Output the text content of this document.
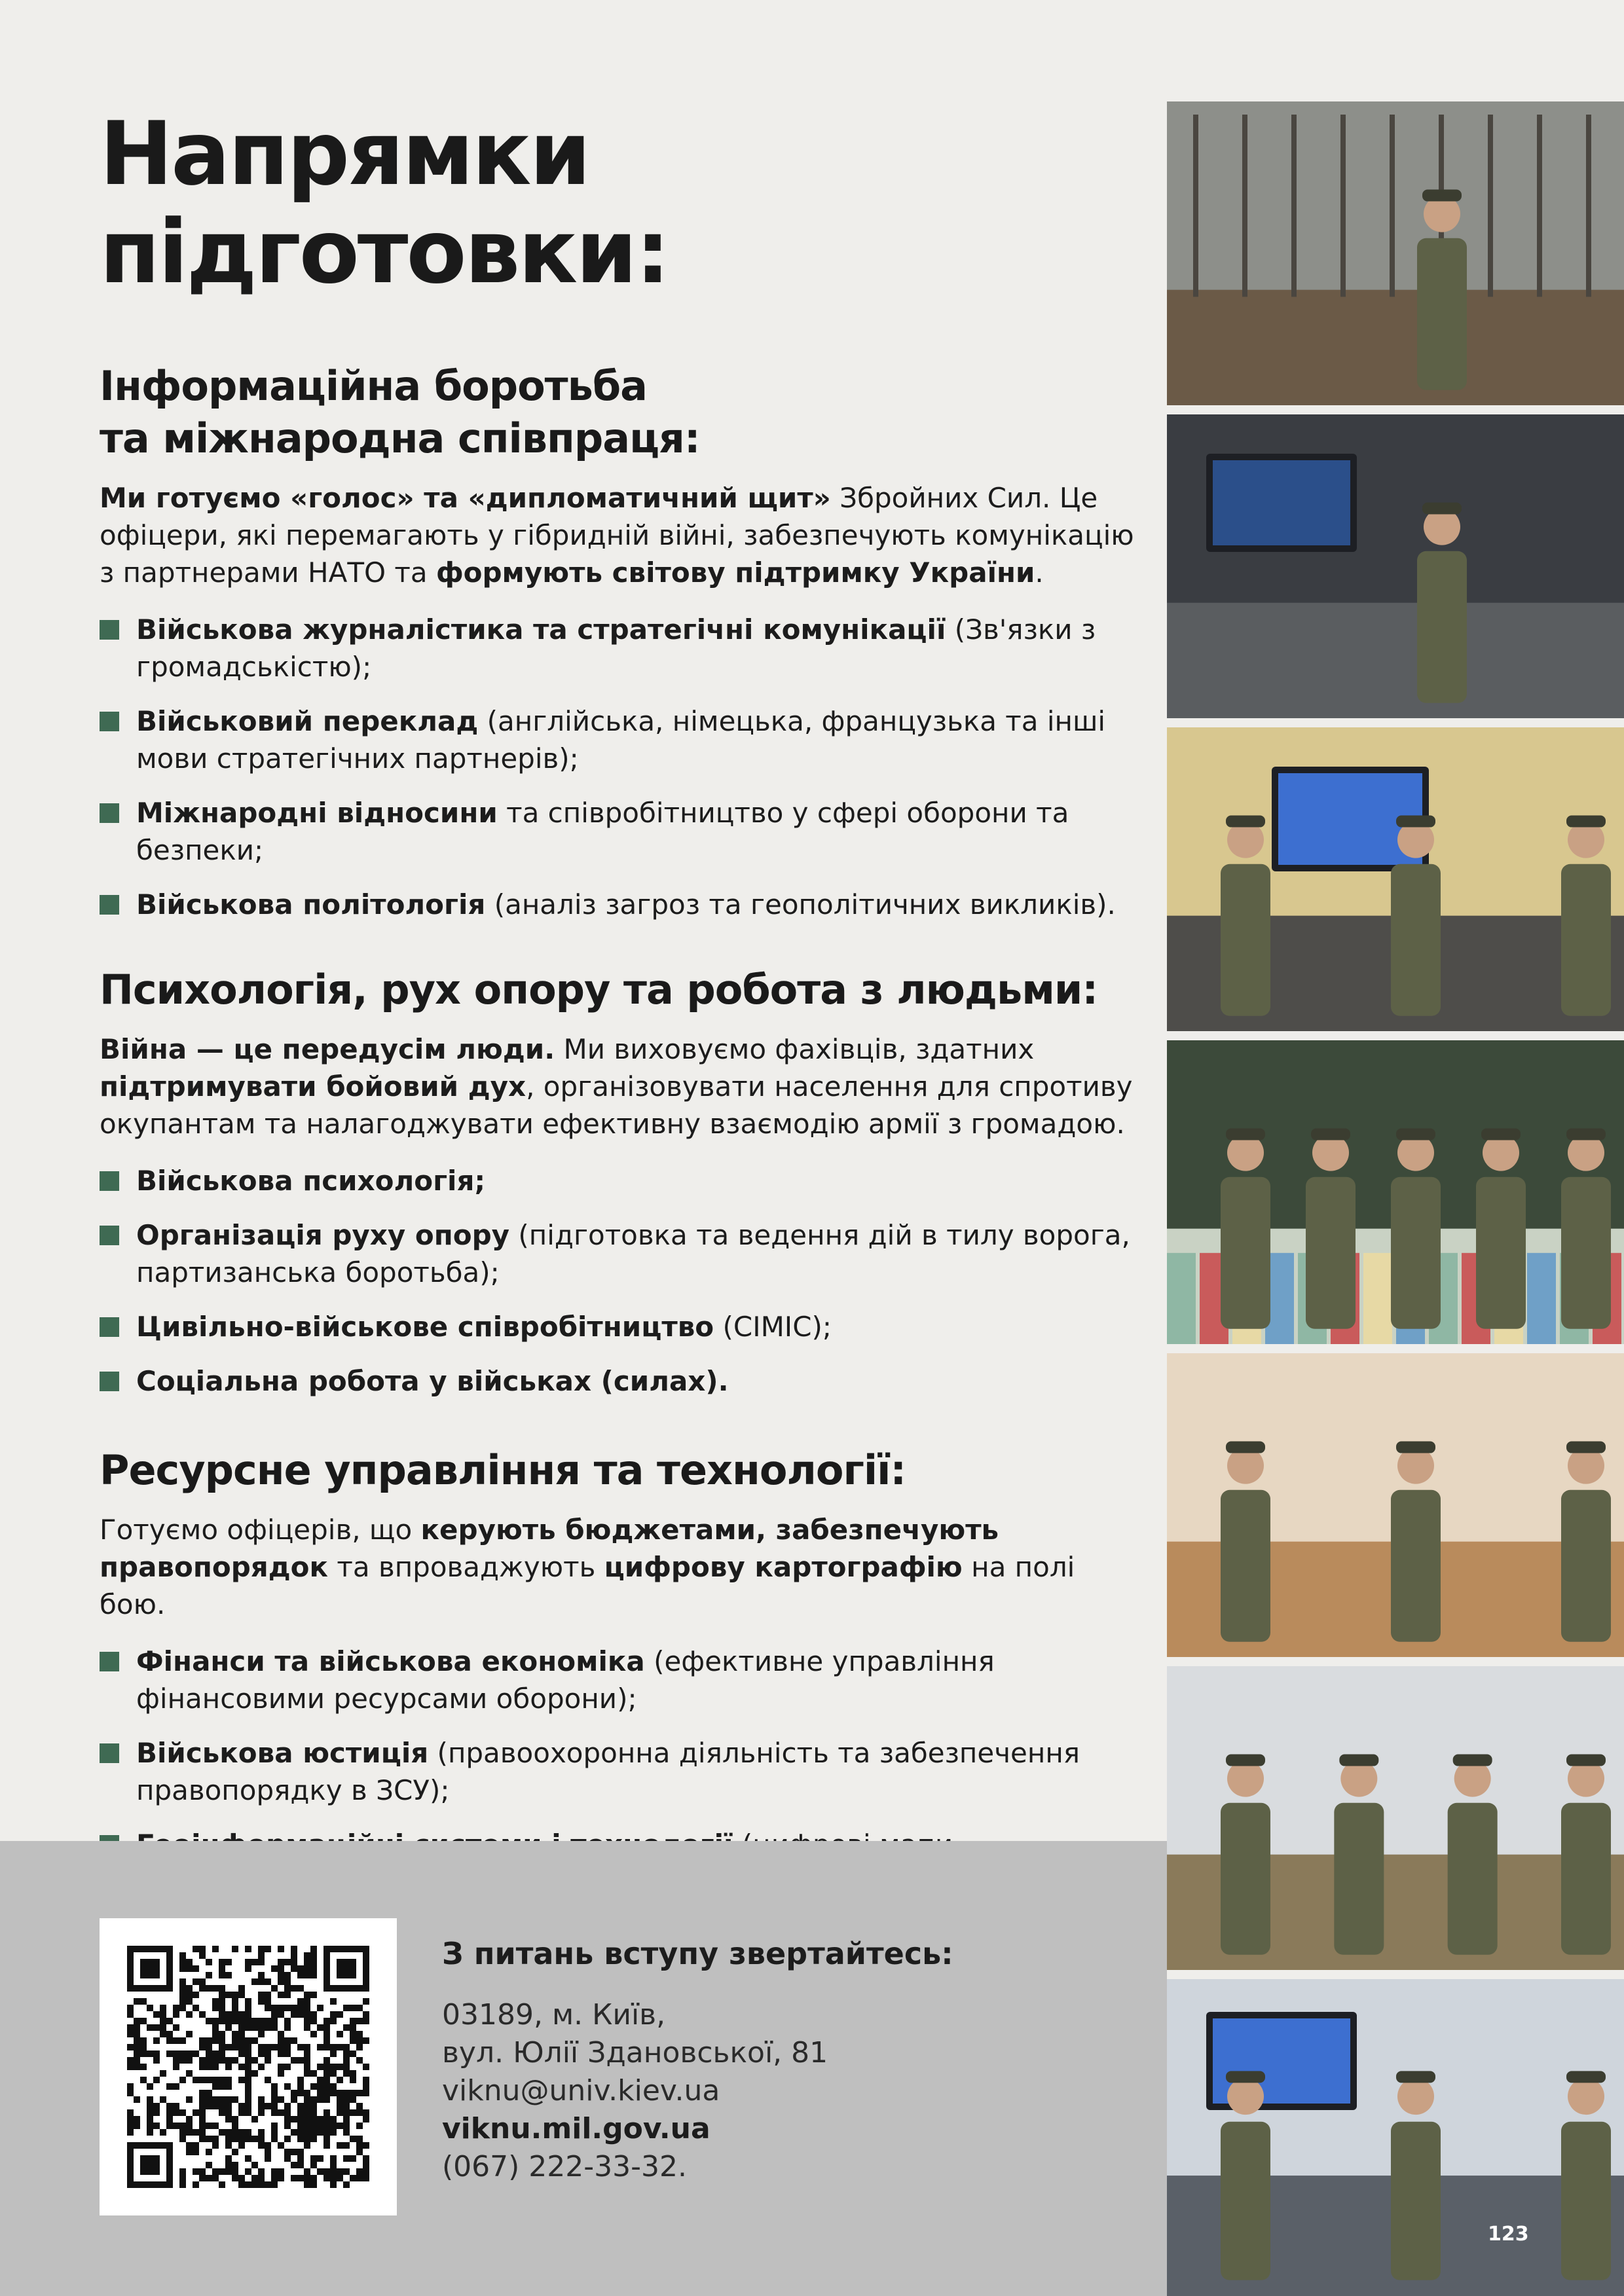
Напрямки підготовки:
Інформаційна боротьба
та міжнародна співпраця:

Ми готуємо «голос» та «дипломатичний щит» Збройних Сил. Це офіцери, які перемагають у гібридній війні, забезпечують комунікацію з партнерами НАТО та формують світову підтримку України.

Військова журналістика та стратегічні комунікації (Зв'язки з громадськістю);
Військовий переклад (англійська, німецька, французька та інші мови стратегічних партнерів);
Міжнародні відносини та співробітництво у сфері оборони та безпеки;
Військова політологія (аналіз загроз та геополітичних викликів).
Психологія, рух опору та робота з людьми:

Війна — це передусім люди. Ми виховуємо фахівців, здатних підтримувати бойовий дух, організовувати населення для спротиву окупантам та налагоджувати ефективну взаємодію армії з громадою.

Військова психологія;
Організація руху опору (підготовка та ведення дій в тилу ворога, партизанська боротьба);
Цивільно-військове співробітництво (CIMIC);
Соціальна робота у військах (силах).
Ресурсне управління та технології:

Готуємо офіцерів, що керують бюджетами, забезпечують правопорядок та впроваджують цифрову картографію на полі бою.

Фінанси та військова економіка (ефективне управління фінансовими ресурсами оборони);
Військова юстиція (правоохоронна діяльність та забезпечення правопорядку в ЗСУ);
З питань вступу звертайтесь:
03189, м. Київ,
вул. Юлії Здановської, 81
viknu@univ.kiev.ua
viknu.mil.gov.ua
(067) 222-33-32.
123
